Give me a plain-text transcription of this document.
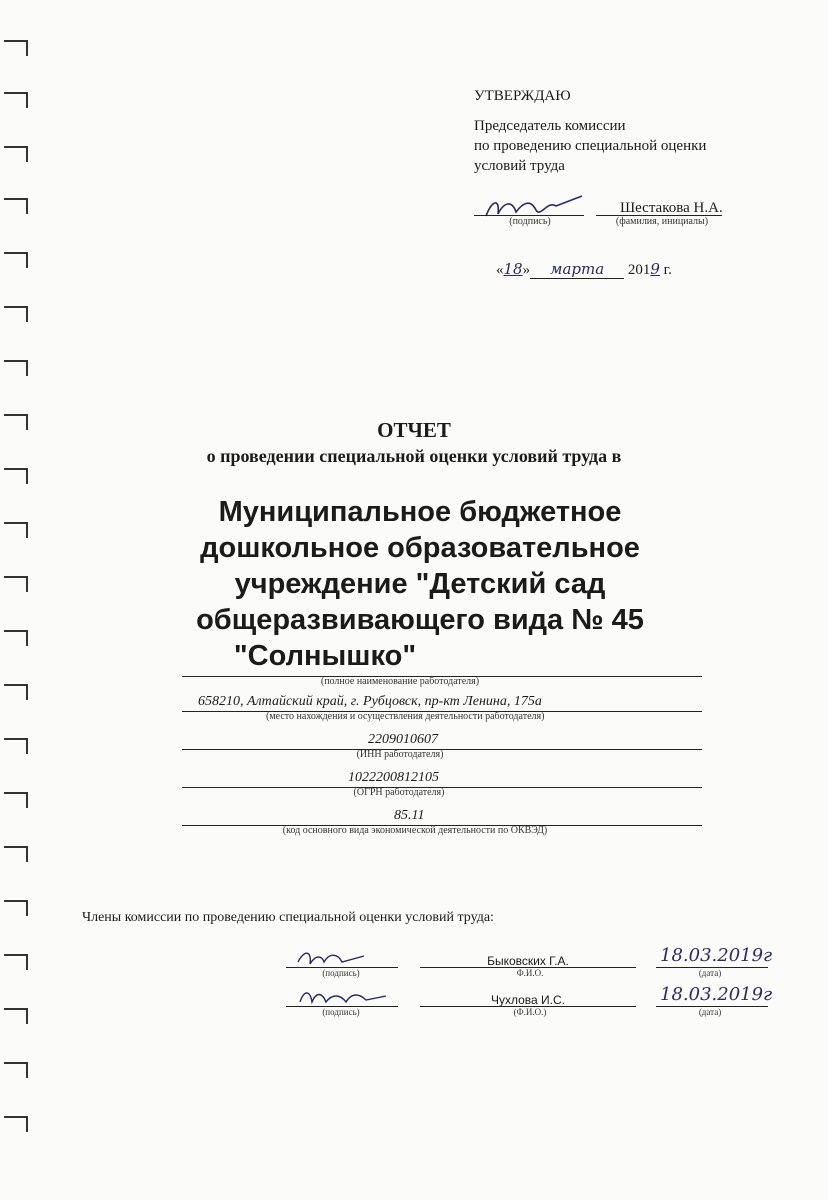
УТВЕРЖДАЮ
Председатель комиссии
по проведению специальной оценки
условий труда
(подпись)
Шестакова Н.А.
(фамилия, инициалы)
«18» марта 2019 г.
ОТЧЕТ
о проведении специальной оценки условий труда в
Муниципальное бюджетное
дошкольное образовательное
учреждение "Детский сад
общеразвивающего вида № 45
"Солнышко"
(полное наименование работодателя)
658210, Алтайский край, г. Рубцовск, пр-кт Ленина, 175а
(место нахождения и осуществления деятельности работодателя)
2209010607
(ИНН работодателя)
1022200812105
(ОГРН работодателя)
85.11
(код основного вида экономической деятельности по ОКВЭД)
Члены комиссии по проведению специальной оценки условий труда:
(подпись)
Быковских Г.А.
Ф.И.О.
18.03.2019г
(дата)
(подпись)
Чухлова И.С.
(Ф.И.О.)
18.03.2019г
(дата)
